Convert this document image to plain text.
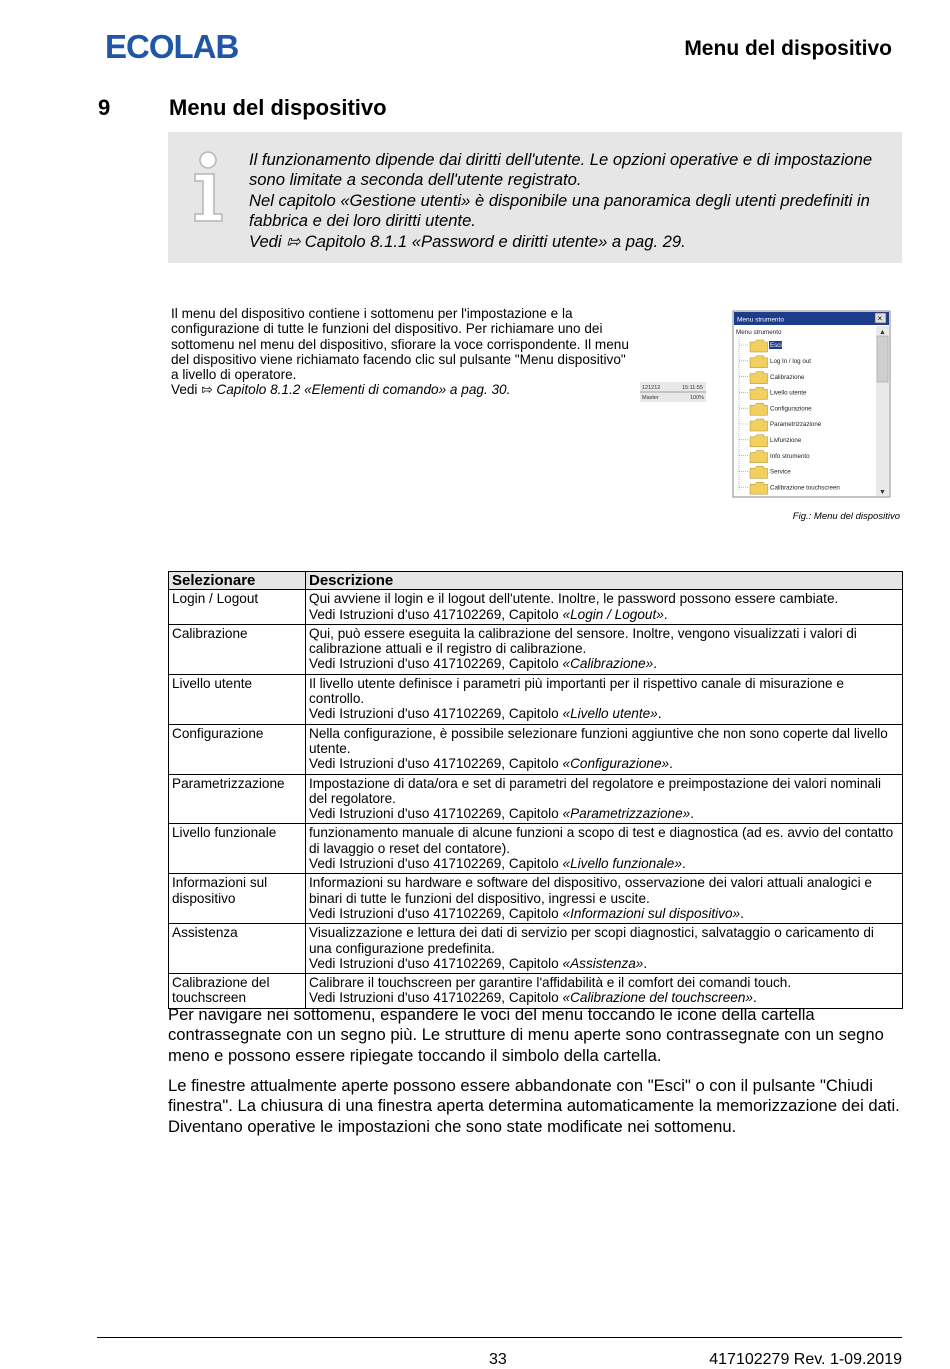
ECOLAB	Menu del dispositivo
9	Menu del dispositivo

Il funzionamento dipende dai diritti dell'utente. Le opzioni operative e di impostazione sono limitate a seconda dell'utente registrato.

Nel capitolo «Gestione utenti» è disponibile una panoramica degli utenti predefiniti in fabbrica e dei loro diritti utente.

Vedi ⇰ Capitolo 8.1.1 «Password e diritti utente» a pag. 29.

Il menu del dispositivo contiene i sottomenu per l'impostazione e la configurazione di tutte le funzioni del dispositivo. Per richiamare uno dei sottomenu nel menu del dispositivo, sfiorare la voce corrispondente. Il menu del dispositivo viene richiamato facendo clic sul pulsante "Menu dispositivo" a livello di operatore.

Vedi ⇰ Capitolo 8.1.2 «Elementi di comando» a pag. 30.	121212	15:11:55
Master	100%
Menu strumento	×
▲
▼
Menu strumento
Esci
Log In / log out
Calibrazione
Livello utente
Configurazione
Parametrizzazione
Livfunzione
Info strumento
Service
Calibrazione touchscreen
Fig.: Menu del dispositivo
Selezionare	Descrizione
Login / Logout	Qui avviene il login e il logout dell'utente. Inoltre, le password possono essere cambiate.
Vedi Istruzioni d'uso 417102269, Capitolo «Login / Logout».
Calibrazione	Qui, può essere eseguita la calibrazione del sensore. Inoltre, vengono visualizzati i valori di calibrazione attuali e il registro di calibrazione.
Vedi Istruzioni d'uso 417102269, Capitolo «Calibrazione».
Livello utente	Il livello utente definisce i parametri più importanti per il rispettivo canale di misurazione e controllo.
Vedi Istruzioni d'uso 417102269, Capitolo «Livello utente».
Configurazione	Nella configurazione, è possibile selezionare funzioni aggiuntive che non sono coperte dal livello utente.
Vedi Istruzioni d'uso 417102269, Capitolo «Configurazione».
Parametrizzazione	Impostazione di data/ora e set di parametri del regolatore e preimpostazione dei valori nominali del regolatore.
Vedi Istruzioni d'uso 417102269, Capitolo «Parametrizzazione».
Livello funzionale	funzionamento manuale di alcune funzioni a scopo di test e diagnostica (ad es. avvio del contatto di lavaggio o reset del contatore).
Vedi Istruzioni d'uso 417102269, Capitolo «Livello funzionale».
Informazioni sul dispositivo	Informazioni su hardware e software del dispositivo, osservazione dei valori attuali analogici e binari di tutte le funzioni del dispositivo, ingressi e uscite.
Vedi Istruzioni d'uso 417102269, Capitolo «Informazioni sul dispositivo».
Assistenza	Visualizzazione e lettura dei dati di servizio per scopi diagnostici, salvataggio o caricamento di una configurazione predefinita.
Vedi Istruzioni d'uso 417102269, Capitolo «Assistenza».
Calibrazione del touchscreen	Calibrare il touchscreen per garantire l'affidabilità e il comfort dei comandi touch.
Vedi Istruzioni d'uso 417102269, Capitolo «Calibrazione del touchscreen».
Per navigare nei sottomenu, espandere le voci del menu toccando le icone della cartella contrassegnate con un segno più. Le strutture di menu aperte sono contrassegnate con un segno meno e possono essere ripiegate toccando il simbolo della cartella.
Le finestre attualmente aperte possono essere abbandonate con "Esci" o con il pulsante "Chiudi finestra". La chiusura di una finestra aperta determina automaticamente la memorizzazione dei dati. Diventano operative le impostazioni che sono state modificate nei sottomenu.
33	417102279 Rev. 1-09.2019
